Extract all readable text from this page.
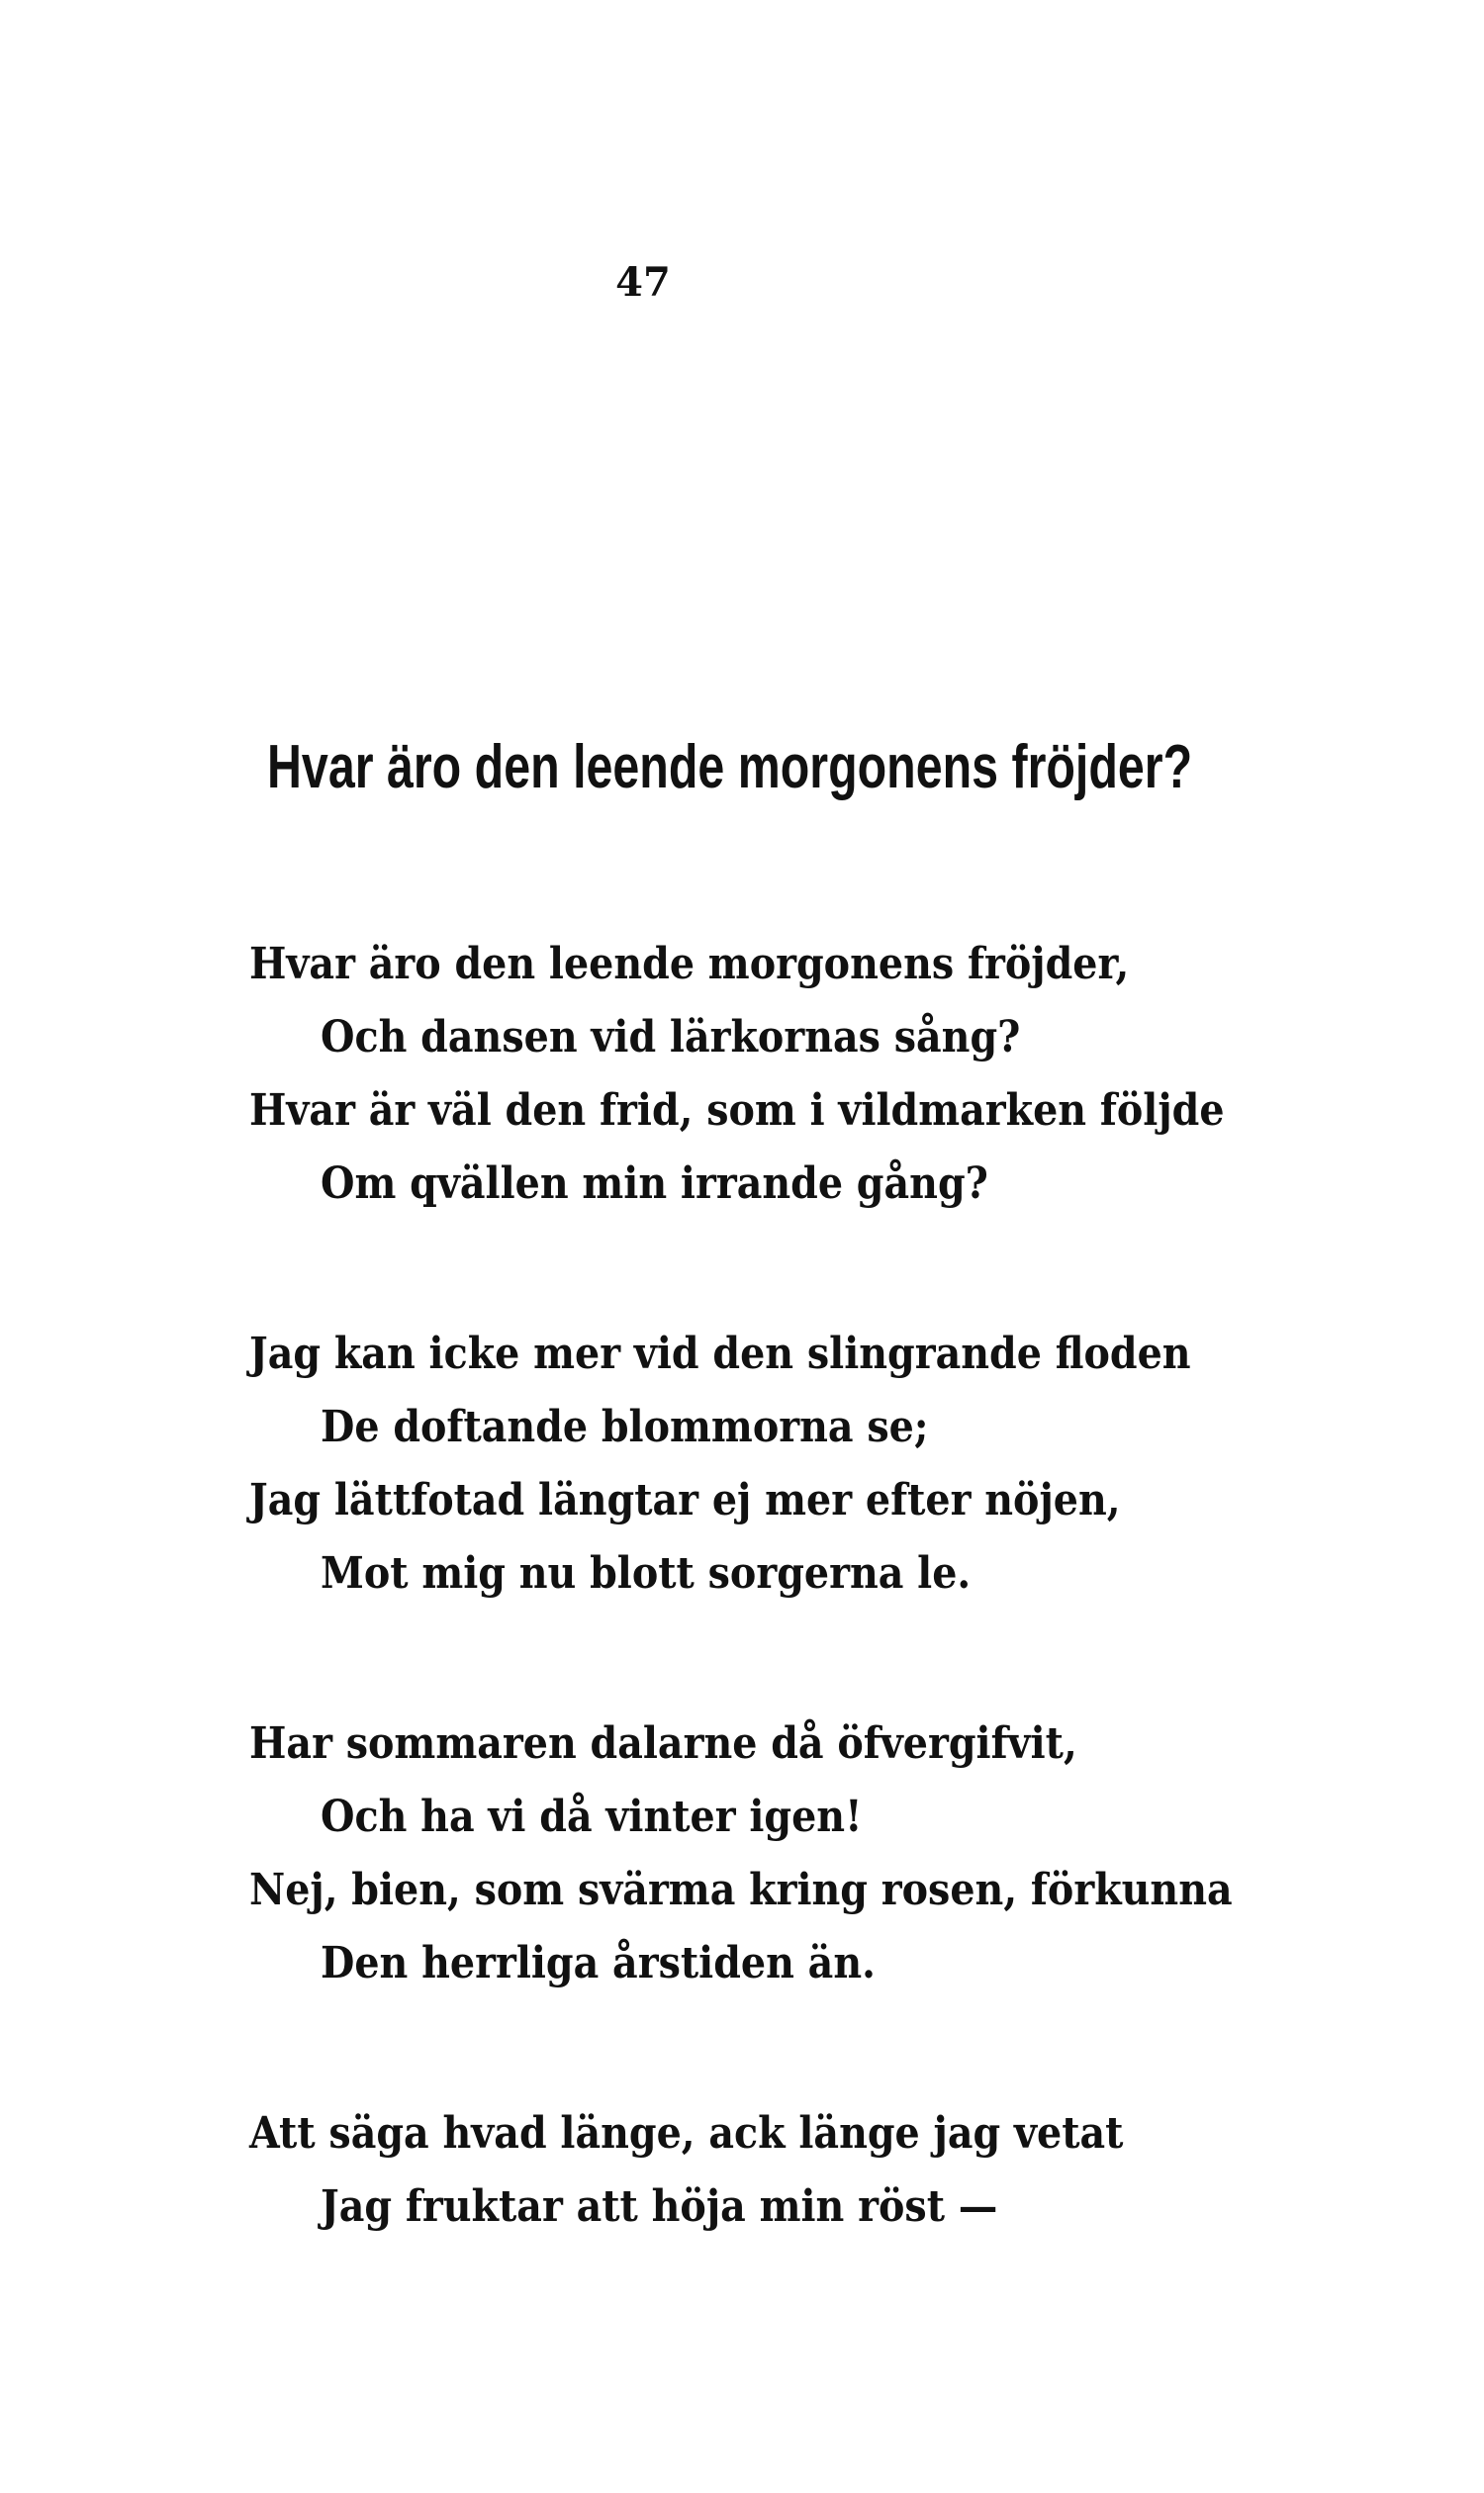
47
Hvar äro den leende morgonens fröjder?
Hvar äro den leende morgonens fröjder,
Och dansen vid lärkornas sång?
Hvar är väl den frid, som i vildmarken följde
Om qvällen min irrande gång?
Jag kan icke mer vid den slingrande floden
De doftande blommorna se;
Jag lättfotad längtar ej mer efter nöjen,
Mot mig nu blott sorgerna le.
Har sommaren dalarne då öfvergifvit,
Och ha vi då vinter igen!
Nej, bien, som svärma kring rosen, förkunna
Den herrliga årstiden än.
Att säga hvad länge, ack länge jag vetat
Jag fruktar att höja min röst —
